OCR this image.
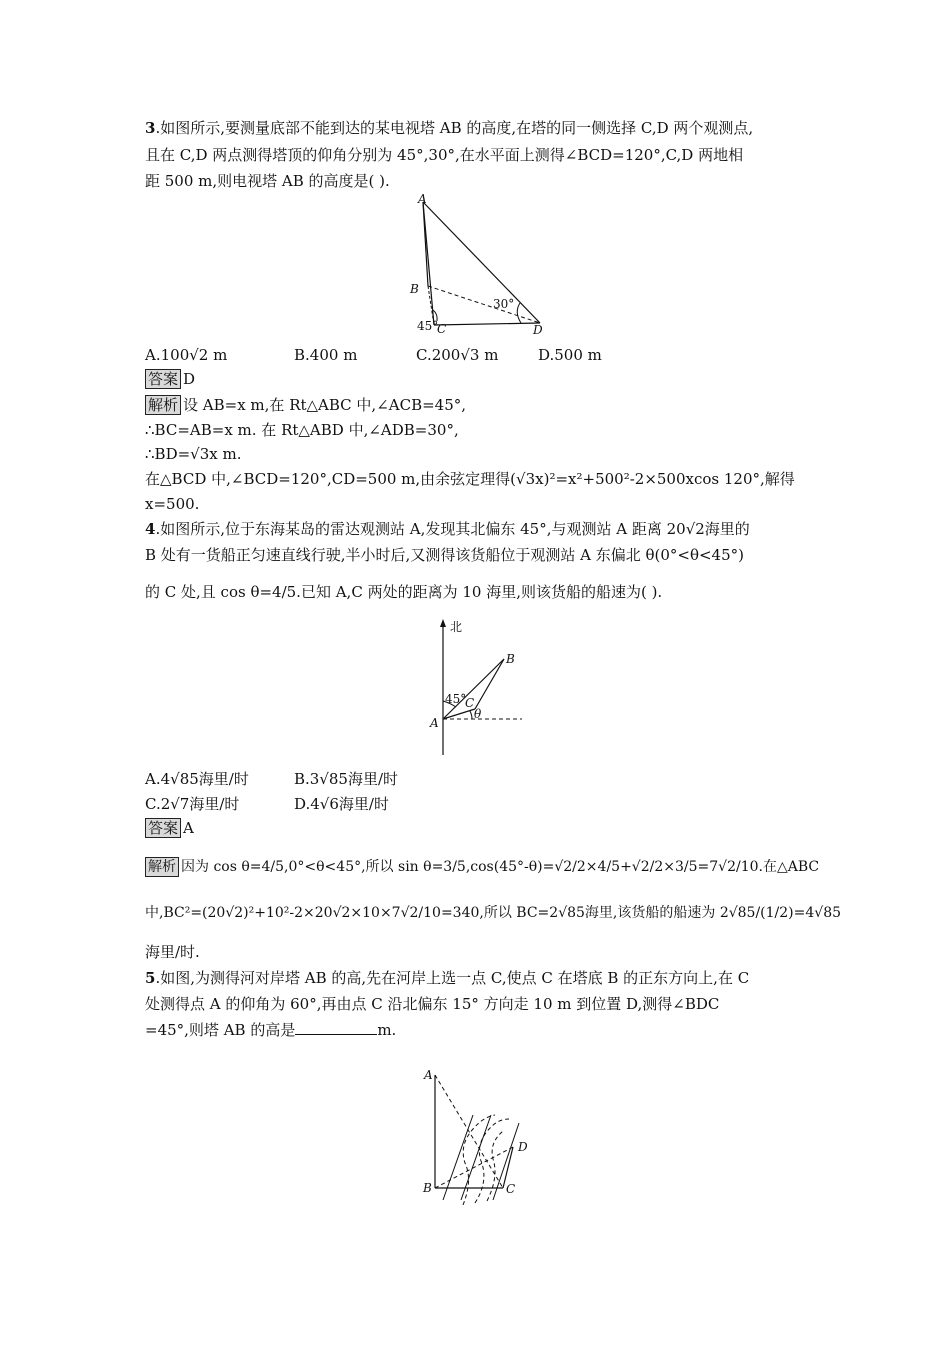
3.如图所示,要测量底部不能到达的某电视塔 AB 的高度,在塔的同一侧选择 C,D 两个观测点,
且在 C,D 两点测得塔顶的仰角分别为 45°,30°,在水平面上测得∠BCD=120°,C,D 两地相
距 500 m,则电视塔 AB 的高度是( ).
A
B
C	D
45°
30°
A.100√2 m	B.400 m	C.200√3 m	D.500 m
答案 D
解析 设 AB=x m,在 Rt△ABC 中,∠ACB=45°,
∴BC=AB=x m. 在 Rt△ABD 中,∠ADB=30°,
∴BD=√3x m.
在△BCD 中,∠BCD=120°,CD=500 m,由余弦定理得(√3x)²=x²+500²-2×500xcos 120°,解得
x=500.
4.如图所示,位于东海某岛的雷达观测站 A,发现其北偏东 45°,与观测站 A 距离 20√2海里的
B 处有一货船正匀速直线行驶,半小时后,又测得该货船位于观测站 A 东偏北 θ(0°<θ<45°)
的 C 处,且 cos θ=4/5.已知 A,C 两处的距离为 10 海里,则该货船的船速为( ).
北
A
B
C
45°
θ
A.4√85海里/时	B.3√85海里/时
C.2√7海里/时	D.4√6海里/时
答案 A
解析 因为 cos θ=4/5,0°<θ<45°,所以 sin θ=3/5,cos(45°-θ)=√2/2×4/5+√2/2×3/5=7√2/10.在△ABC
中,BC²=(20√2)²+10²-2×20√2×10×7√2/10=340,所以 BC=2√85海里,该货船的船速为 2√85/(1/2)=4√85
海里/时.
5.如图,为测得河对岸塔 AB 的高,先在河岸上选一点 C,使点 C 在塔底 B 的正东方向上,在 C
处测得点 A 的仰角为 60°,再由点 C 沿北偏东 15° 方向走 10 m 到位置 D,测得∠BDC
=45°,则塔 AB 的高是	m.
A
B	C
D
